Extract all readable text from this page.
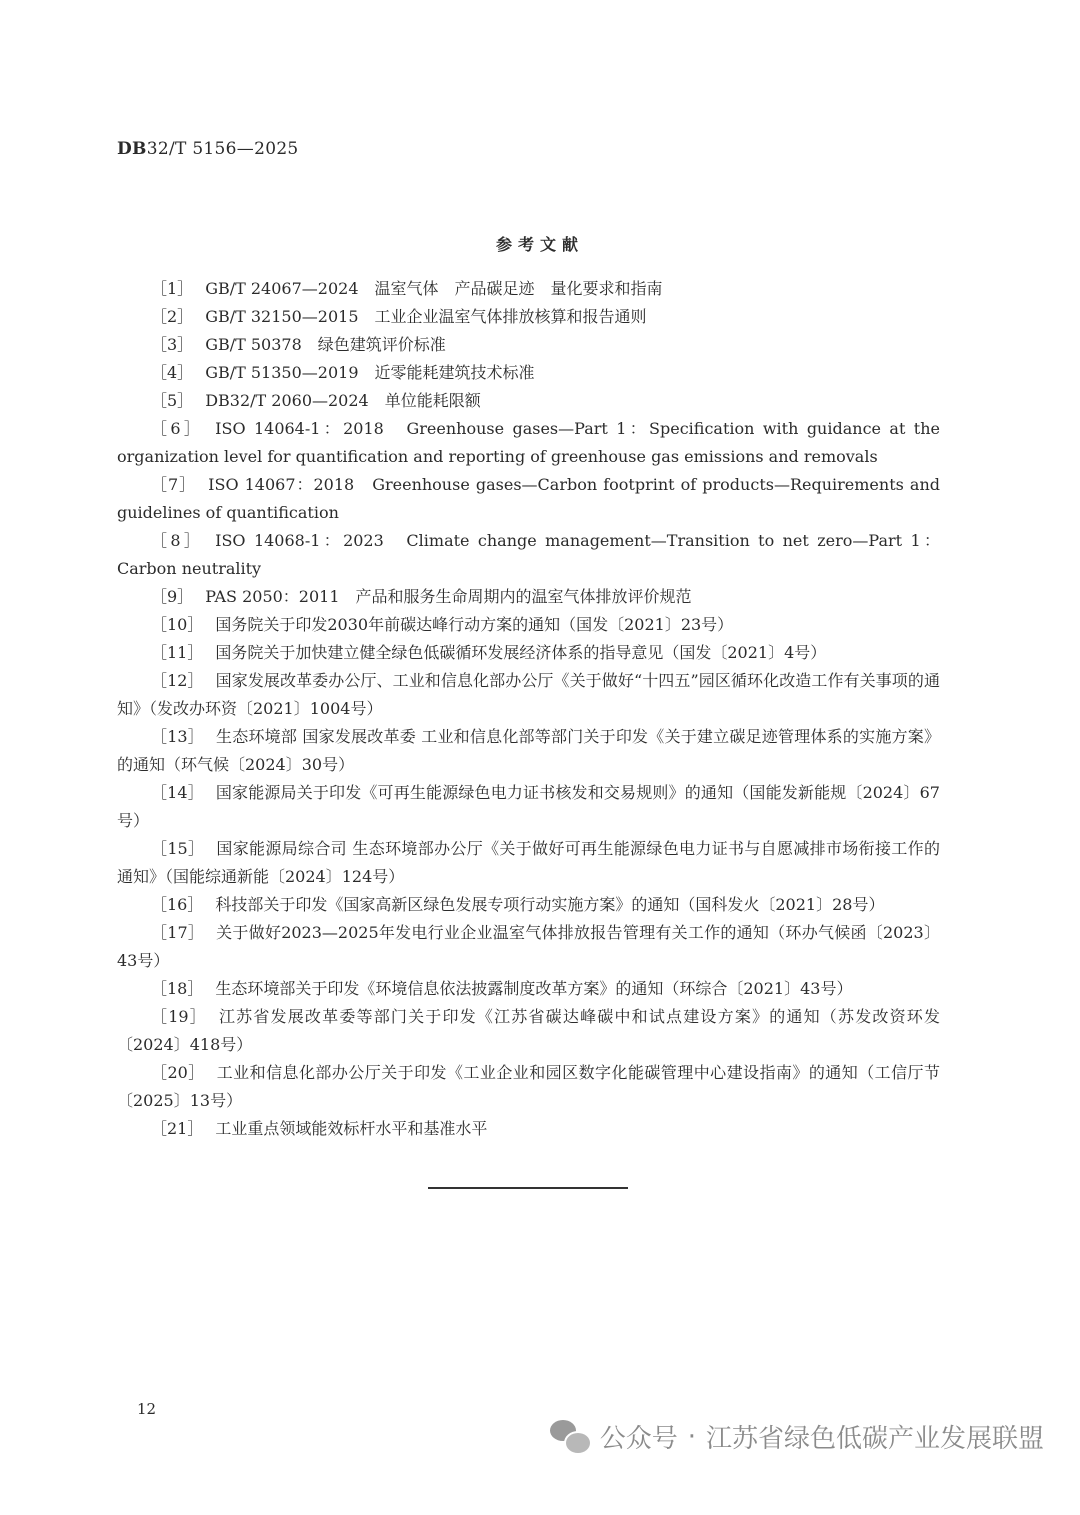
DB32/T 5156—2025
参考文献

［1］ GB/T 24067—2024　温室气体　产品碳足迹　量化要求和指南

［2］ GB/T 32150—2015　工业企业温室气体排放核算和报告通则

［3］ GB/T 50378　绿色建筑评价标准

［4］ GB/T 51350—2019　近零能耗建筑技术标准

［5］ DB32/T 2060—2024　单位能耗限额

［6］ ISO 14064-1：2018　Greenhouse gases—Part 1：Specification with guidance at the organization level for quantification and reporting of greenhouse gas emissions and removals

［7］ ISO 14067：2018　Greenhouse gases—Carbon footprint of products—Requirements and guidelines of quantification

［8］ ISO 14068-1：2023　Climate change management—Transition to net zero—Part 1：Carbon neutrality

［9］ PAS 2050：2011　产品和服务生命周期内的温室气体排放评价规范

［10］ 国务院关于印发2030年前碳达峰行动方案的通知（国发〔2021〕23号）

［11］ 国务院关于加快建立健全绿色低碳循环发展经济体系的指导意见（国发〔2021〕4号）

［12］ 国家发展改革委办公厅、工业和信息化部办公厅《关于做好“十四五”园区循环化改造工作有关事项的通知》（发改办环资〔2021〕1004号）

［13］ 生态环境部 国家发展改革委 工业和信息化部等部门关于印发《关于建立碳足迹管理体系的实施方案》的通知（环气候〔2024〕30号）

［14］ 国家能源局关于印发《可再生能源绿色电力证书核发和交易规则》的通知（国能发新能规〔2024〕67号）

［15］ 国家能源局综合司 生态环境部办公厅《关于做好可再生能源绿色电力证书与自愿减排市场衔接工作的通知》（国能综通新能〔2024〕124号）

［16］ 科技部关于印发《国家高新区绿色发展专项行动实施方案》的通知（国科发火〔2021〕28号）

［17］ 关于做好2023—2025年发电行业企业温室气体排放报告管理有关工作的通知（环办气候函〔2023〕43号）

［18］ 生态环境部关于印发《环境信息依法披露制度改革方案》的通知（环综合〔2021〕43号）

［19］ 江苏省发展改革委等部门关于印发《江苏省碳达峰碳中和试点建设方案》的通知（苏发改资环发〔2024〕418号）

［20］ 工业和信息化部办公厅关于印发《工业企业和园区数字化能碳管理中心建设指南》的通知（工信厅节〔2025〕13号）

［21］ 工业重点领域能效标杆水平和基准水平

12
公众号 · 江苏省绿色低碳产业发展联盟
